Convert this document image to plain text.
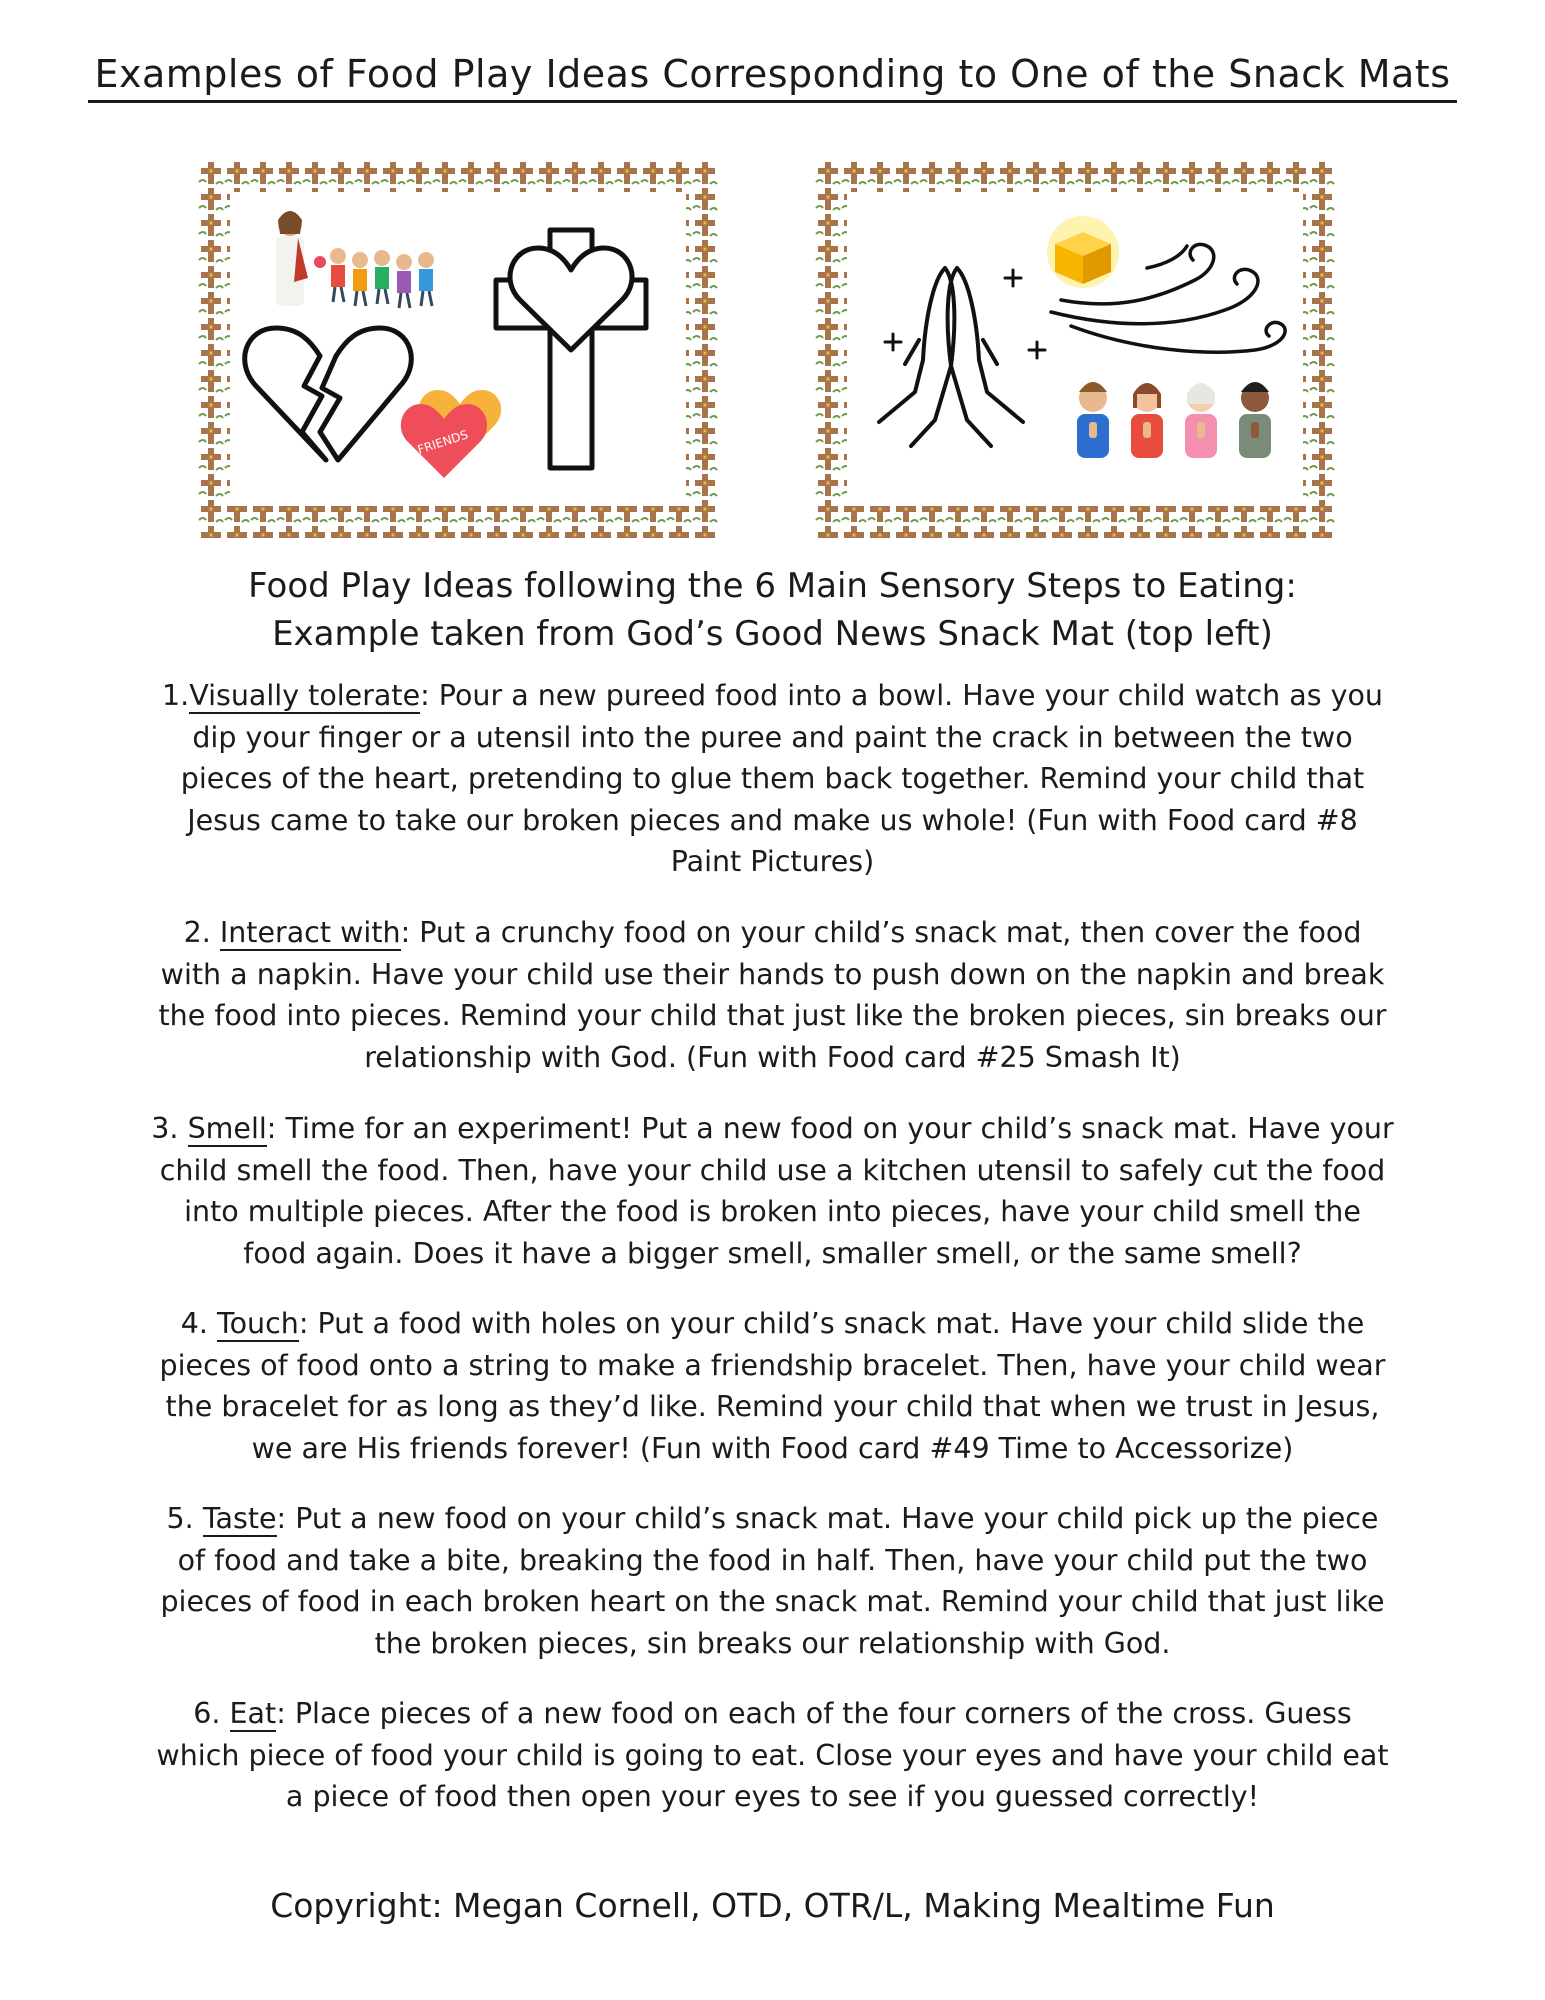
Examples of Food Play Ideas Corresponding to One of the Snack Mats
FRIENDS
Food Play Ideas following the 6 Main Sensory Steps to Eating:
Example taken from God’s Good News Snack Mat (top left)
1.Visually tolerate: Pour a new pureed food into a bowl. Have your child watch as you dip your finger or a utensil into the puree and paint the crack in between the two pieces of the heart, pretending to glue them back together. Remind your child that Jesus came to take our broken pieces and make us whole! (Fun with Food card #8 Paint Pictures)
2. Interact with: Put a crunchy food on your child’s snack mat, then cover the food with a napkin. Have your child use their hands to push down on the napkin and break the food into pieces. Remind your child that just like the broken pieces, sin breaks our relationship with God. (Fun with Food card #25 Smash It)
3. Smell: Time for an experiment! Put a new food on your child’s snack mat. Have your child smell the food. Then, have your child use a kitchen utensil to safely cut the food into multiple pieces. After the food is broken into pieces, have your child smell the food again. Does it have a bigger smell, smaller smell, or the same smell?
4. Touch: Put a food with holes on your child’s snack mat. Have your child slide the pieces of food onto a string to make a friendship bracelet. Then, have your child wear the bracelet for as long as they’d like. Remind your child that when we trust in Jesus, we are His friends forever! (Fun with Food card #49 Time to Accessorize)
5. Taste: Put a new food on your child’s snack mat. Have your child pick up the piece of food and take a bite, breaking the food in half. Then, have your child put the two pieces of food in each broken heart on the snack mat. Remind your child that just like the broken pieces, sin breaks our relationship with God.
6. Eat: Place pieces of a new food on each of the four corners of the cross. Guess which piece of food your child is going to eat. Close your eyes and have your child eat a piece of food then open your eyes to see if you guessed correctly!
Copyright: Megan Cornell, OTD, OTR/L, Making Mealtime Fun
